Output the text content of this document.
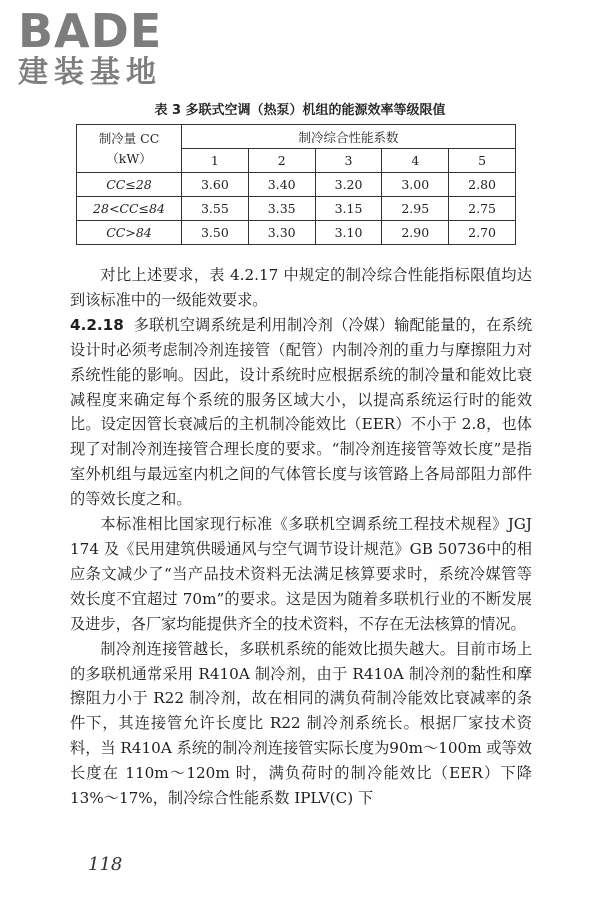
BADE
建装基地
表 3 多联式空调（热泵）机组的能源效率等级限值
制冷量 CC
（kW）	制冷综合性能系数				
	1	2	3	4	5
CC≤28	3.60	3.40	3.20	3.00	2.80
28<CC≤84	3.55	3.35	3.15	2.95	2.75
CC>84	3.50	3.30	3.10	2.90	2.70

对比上述要求，表 4.2.17 中规定的制冷综合性能指标限值均达到该标准中的一级能效要求。

4.2.18 多联机空调系统是利用制冷剂（冷媒）输配能量的，在系统设计时必须考虑制冷剂连接管（配管）内制冷剂的重力与摩擦阻力对系统性能的影响。因此，设计系统时应根据系统的制冷量和能效比衰减程度来确定每个系统的服务区域大小，以提高系统运行时的能效比。设定因管长衰减后的主机制冷能效比（EER）不小于 2.8，也体现了对制冷剂连接管合理长度的要求。“制冷剂连接管等效长度”是指室外机组与最远室内机之间的气体管长度与该管路上各局部阻力部件的等效长度之和。

本标准相比国家现行标准《多联机空调系统工程技术规程》JGJ 174 及《民用建筑供暖通风与空气调节设计规范》GB 50736中的相应条文减少了“当产品技术资料无法满足核算要求时，系统冷媒管等效长度不宜超过 70m”的要求。这是因为随着多联机行业的不断发展及进步，各厂家均能提供齐全的技术资料，不存在无法核算的情况。

制冷剂连接管越长，多联机系统的能效比损失越大。目前市场上的多联机通常采用 R410A 制冷剂，由于 R410A 制冷剂的黏性和摩擦阻力小于 R22 制冷剂，故在相同的满负荷制冷能效比衰减率的条件下，其连接管允许长度比 R22 制冷剂系统长。根据厂家技术资料，当 R410A 系统的制冷剂连接管实际长度为90m～100m 或等效长度在 110m～120m 时，满负荷时的制冷能效比（EER）下降 13%～17%，制冷综合性能系数 IPLV(C) 下

118
